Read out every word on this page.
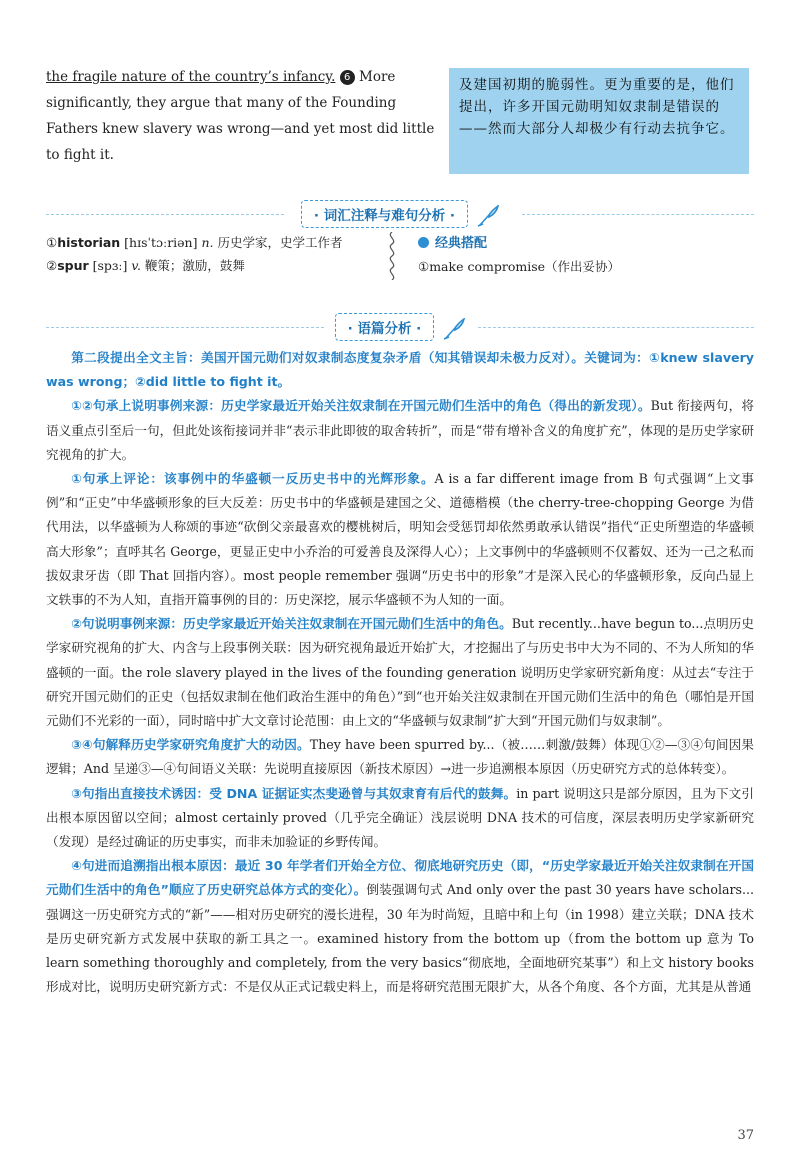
the fragile nature of the country’s infancy. 6 More significantly, they argue that many of the Founding Fathers knew slavery was wrong—and yet most did little to fight it.
及建国初期的脆弱性。更为重要的是，他们提出，许多开国元勋明知奴隶制是错误的——然而大部分人却极少有行动去抗争它。
· 词汇注释与难句分析 ·
①historian [hɪsˈtɔːriən] n. 历史学家，史学工作者
②spur [spɜː] v. 鞭策；激励，鼓舞
经典搭配
①make compromise（作出妥协）
· 语篇分析 ·

第二段提出全文主旨：美国开国元勋们对奴隶制态度复杂矛盾（知其错误却未极力反对）。关键词为：①knew slavery was wrong；②did little to fight it。

①②句承上说明事例来源：历史学家最近开始关注奴隶制在开国元勋们生活中的角色（得出的新发现）。But 衔接两句，将语义重点引至后一句，但此处该衔接词并非“表示非此即彼的取舍转折”，而是“带有增补含义的角度扩充”，体现的是历史学家研究视角的扩大。

①句承上评论：该事例中的华盛顿一反历史书中的光辉形象。A is a far different image from B 句式强调“上文事例”和“正史”中华盛顿形象的巨大反差：历史书中的华盛顿是建国之父、道德楷模（the cherry-tree-chopping George 为借代用法，以华盛顿为人称颂的事迹“砍倒父亲最喜欢的樱桃树后，明知会受惩罚却依然勇敢承认错误”指代“正史所塑造的华盛顿高大形象”；直呼其名 George，更显正史中小乔治的可爱善良及深得人心）；上文事例中的华盛顿则不仅蓄奴、还为一己之私而拔奴隶牙齿（即 That 回指内容）。most people remember 强调“历史书中的形象”才是深入民心的华盛顿形象，反向凸显上文轶事的不为人知，直指开篇事例的目的：历史深挖，展示华盛顿不为人知的一面。

②句说明事例来源：历史学家最近开始关注奴隶制在开国元勋们生活中的角色。But recently...have begun to...点明历史学家研究视角的扩大、内含与上段事例关联：因为研究视角最近开始扩大，才挖掘出了与历史书中大为不同的、不为人所知的华盛顿的一面。the role slavery played in the lives of the founding generation 说明历史学家研究新角度：从过去“专注于研究开国元勋们的正史（包括奴隶制在他们政治生涯中的角色）”到“也开始关注奴隶制在开国元勋们生活中的角色（哪怕是开国元勋们不光彩的一面），同时暗中扩大文章讨论范围：由上文的“华盛顿与奴隶制”扩大到“开国元勋们与奴隶制”。

③④句解释历史学家研究角度扩大的动因。They have been spurred by...（被……刺激/鼓舞）体现①②—③④句间因果逻辑；And 呈递③—④句间语义关联：先说明直接原因（新技术原因）→进一步追溯根本原因（历史研究方式的总体转变）。

③句指出直接技术诱因：受 DNA 证据证实杰斐逊曾与其奴隶育有后代的鼓舞。in part 说明这只是部分原因，且为下文引出根本原因留以空间；almost certainly proved（几乎完全确证）浅层说明 DNA 技术的可信度，深层表明历史学家新研究（发现）是经过确证的历史事实，而非未加验证的乡野传闻。

④句进而追溯指出根本原因：最近 30 年学者们开始全方位、彻底地研究历史（即，“历史学家最近开始关注奴隶制在开国元勋们生活中的角色”顺应了历史研究总体方式的变化）。倒装强调句式 And only over the past 30 years have scholars...强调这一历史研究方式的“新”——相对历史研究的漫长进程，30 年为时尚短，且暗中和上句（in 1998）建立关联；DNA 技术是历史研究新方式发展中获取的新工具之一。examined history from the bottom up（from the bottom up 意为 To learn something thoroughly and completely, from the very basics“彻底地，全面地研究某事”）和上文 history books 形成对比，说明历史研究新方式：不是仅从正式记载史料上，而是将研究范围无限扩大，从各个角度、各个方面，尤其是从普通

37
